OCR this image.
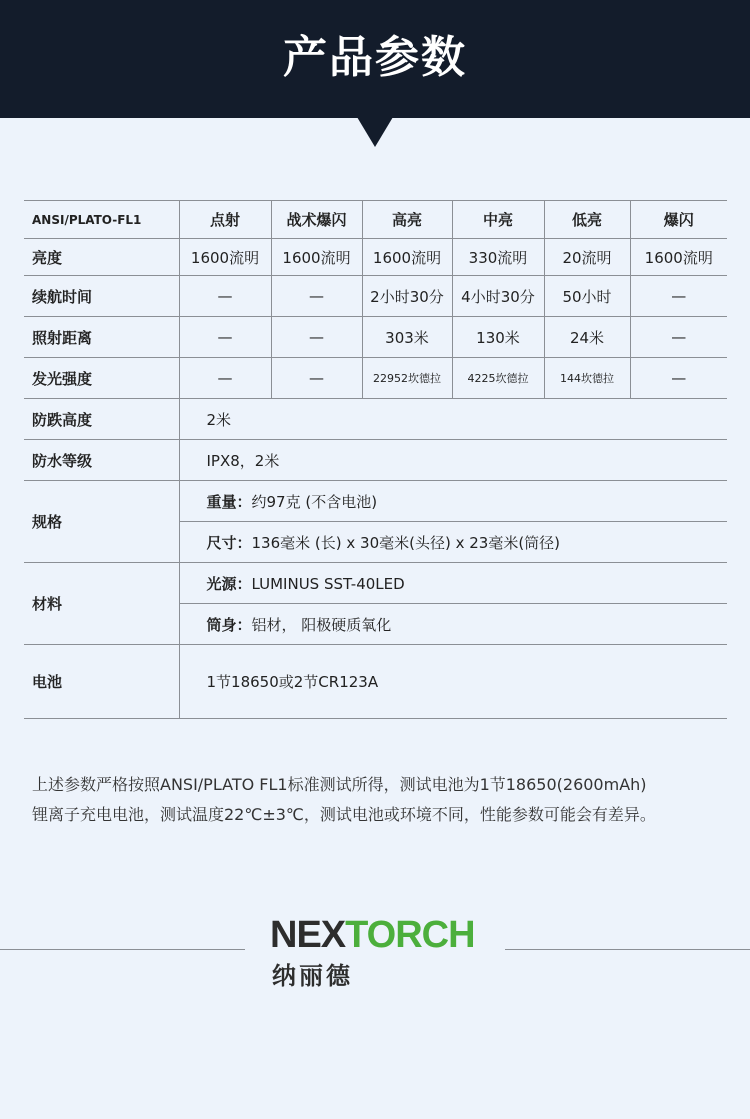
产品参数
ANSI/PLATO-FL1	点射	战术爆闪	高亮	中亮	低亮	爆闪
亮度	1600流明	1600流明	1600流明	330流明	20流明	1600流明
续航时间	—	—	2小时30分	4小时30分	50小时	—
照射距离	—	—	303米	130米	24米	—
发光强度	—	—	22952坎德拉	4225坎德拉	144坎德拉	—
防跌高度	2米					
防水等级	IPX8，2米					
规格	重量：约97克 (不含电池)					
	尺寸：136毫米 (长) x 30毫米(头径) x 23毫米(筒径)					
材料	光源：LUMINUS SST-40LED					
	筒身：铝材， 阳极硬质氧化					
电池	1节18650或2节CR123A					

上述参数严格按照ANSI/PLATO FL1标准测试所得，测试电池为1节18650(2600mAh)

锂离子充电电池，测试温度22℃±3℃，测试电池或环境不同，性能参数可能会有差异。

NEXTORCH
纳丽德
